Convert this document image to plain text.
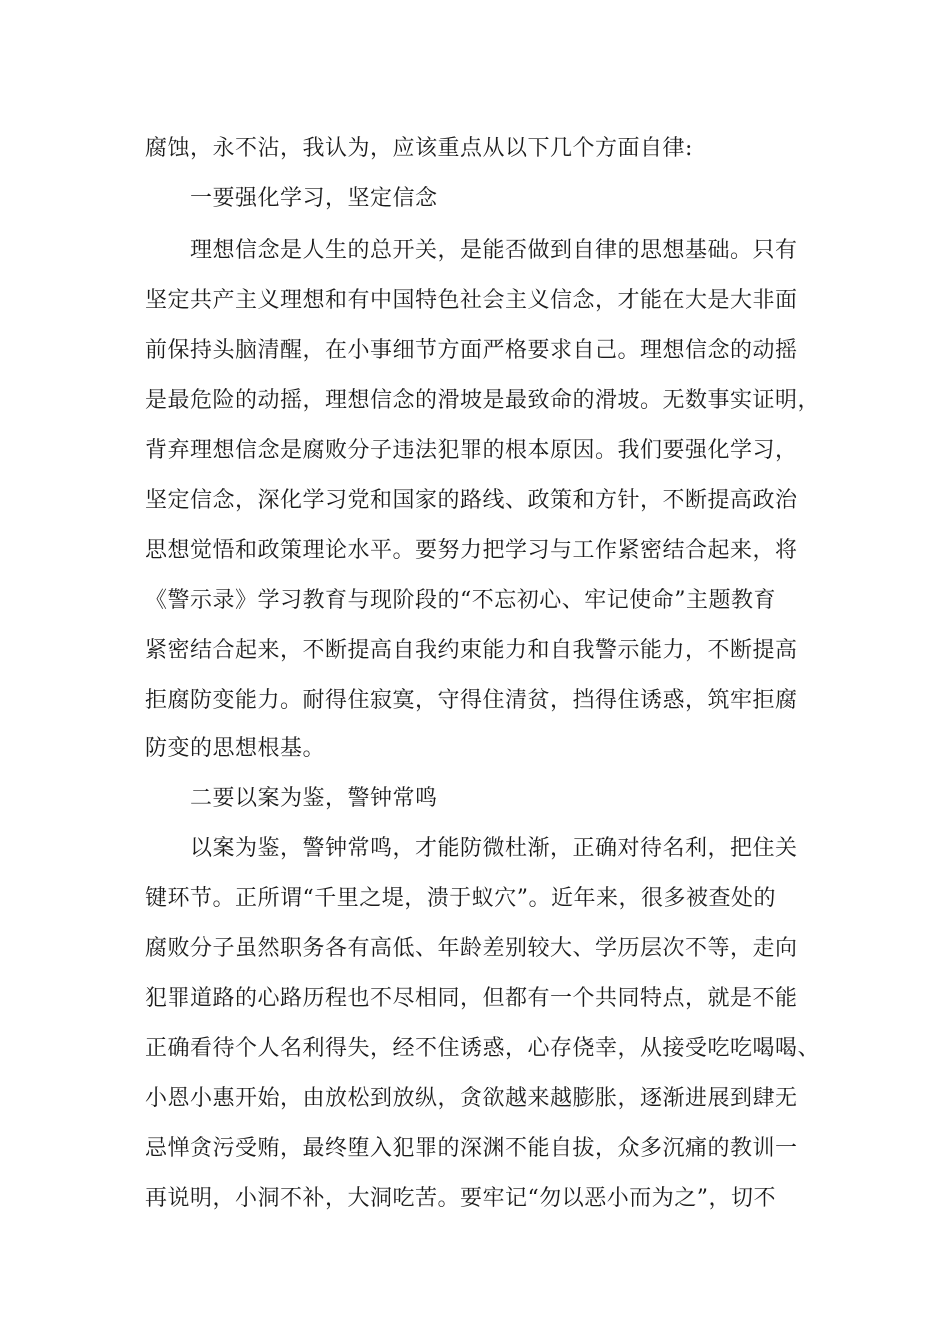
腐蚀，永不沾，我认为，应该重点从以下几个方面自律:
一要强化学习，坚定信念
理想信念是人生的总开关，是能否做到自律的思想基础。只有
坚定共产主义理想和有中国特色社会主义信念，才能在大是大非面
前保持头脑清醒，在小事细节方面严格要求自己。理想信念的动摇
是最危险的动摇，理想信念的滑坡是最致命的滑坡。无数事实证明，
背弃理想信念是腐败分子违法犯罪的根本原因。我们要强化学习，
坚定信念，深化学习党和国家的路线、政策和方针，不断提高政治
思想觉悟和政策理论水平。要努力把学习与工作紧密结合起来，将
《警示录》学习教育与现阶段的“不忘初心、牢记使命”主题教育
紧密结合起来，不断提高自我约束能力和自我警示能力，不断提高
拒腐防变能力。耐得住寂寞，守得住清贫，挡得住诱惑，筑牢拒腐
防变的思想根基。
二要以案为鉴，警钟常鸣
以案为鉴，警钟常鸣，才能防微杜渐，正确对待名利，把住关
键环节。正所谓“千里之堤，溃于蚁穴”。近年来，很多被查处的
腐败分子虽然职务各有高低、年龄差别较大、学历层次不等，走向
犯罪道路的心路历程也不尽相同，但都有一个共同特点，就是不能
正确看待个人名利得失，经不住诱惑，心存侥幸，从接受吃吃喝喝、
小恩小惠开始，由放松到放纵，贪欲越来越膨胀，逐渐进展到肆无
忌惮贪污受贿，最终堕入犯罪的深渊不能自拔，众多沉痛的教训一
再说明，小洞不补，大洞吃苦。要牢记“勿以恶小而为之”，切不
